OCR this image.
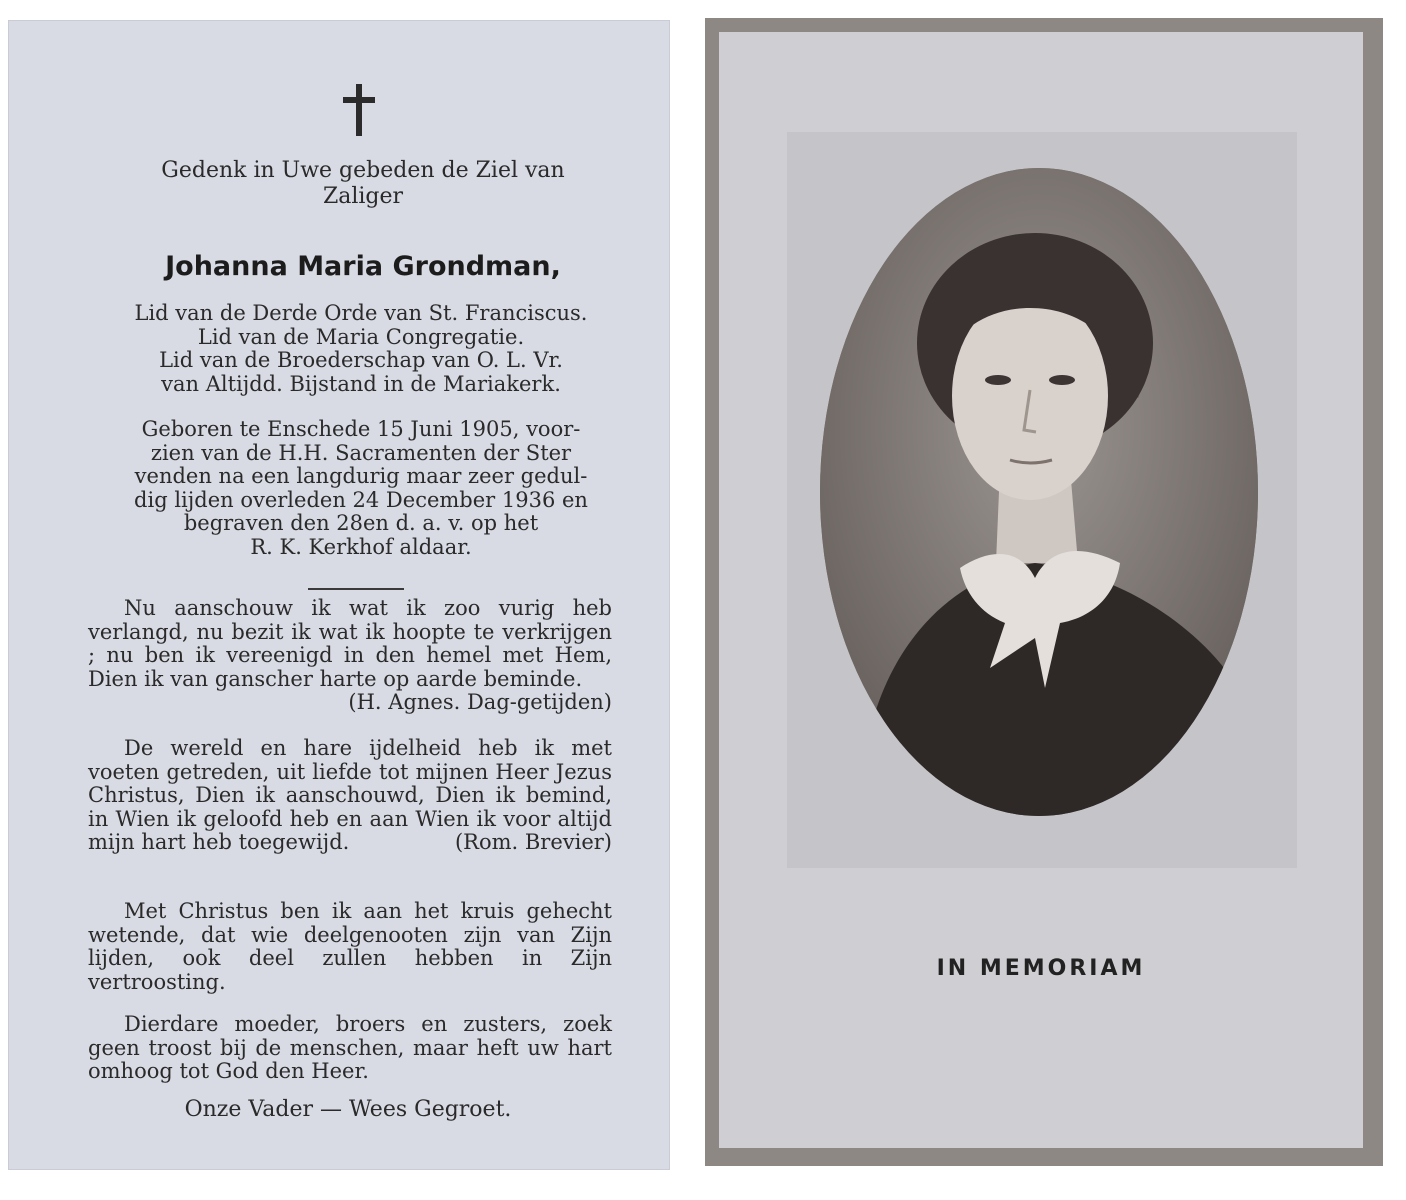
Gedenk in Uwe gebeden de Ziel van
Zaliger

Johanna Maria Grondman,

Lid van de Derde Orde van St. Franciscus.
Lid van de Maria Congregatie.
Lid van de Broederschap van O. L. Vr.
van Altijdd. Bijstand in de Mariakerk.

Geboren te Enschede 15 Juni 1905, voor-
zien van de H.H. Sacramenten der Ster
venden na een langdurig maar zeer gedul-
dig lijden overleden 24 December 1936 en
begraven den 28en d. a. v. op het
R. K. Kerkhof aldaar.

Nu aanschouw ik wat ik zoo vurig heb verlangd, nu bezit ik wat ik hoopte te verkrijgen ; nu ben ik vereenigd in den hemel met Hem, Dien ik van ganscher harte op aarde beminde.
(H. Agnes. Dag-getijden)

De wereld en hare ijdelheid heb ik met voeten getreden, uit liefde tot mijnen Heer Jezus Christus, Dien ik aanschouwd, Dien ik bemind, in Wien ik geloofd heb en aan Wien ik voor altijd mijn hart heb toegewijd.	(Rom. Brevier)

Met Christus ben ik aan het kruis gehecht wetende, dat wie deelgenooten zijn van Zijn lijden, ook deel zullen hebben in Zijn vertroosting.

Dierdare moeder, broers en zusters, zoek geen troost bij de menschen, maar heft uw hart omhoog tot God den Heer.

Onze Vader — Wees Gegroet.

IN MEMORIAM
